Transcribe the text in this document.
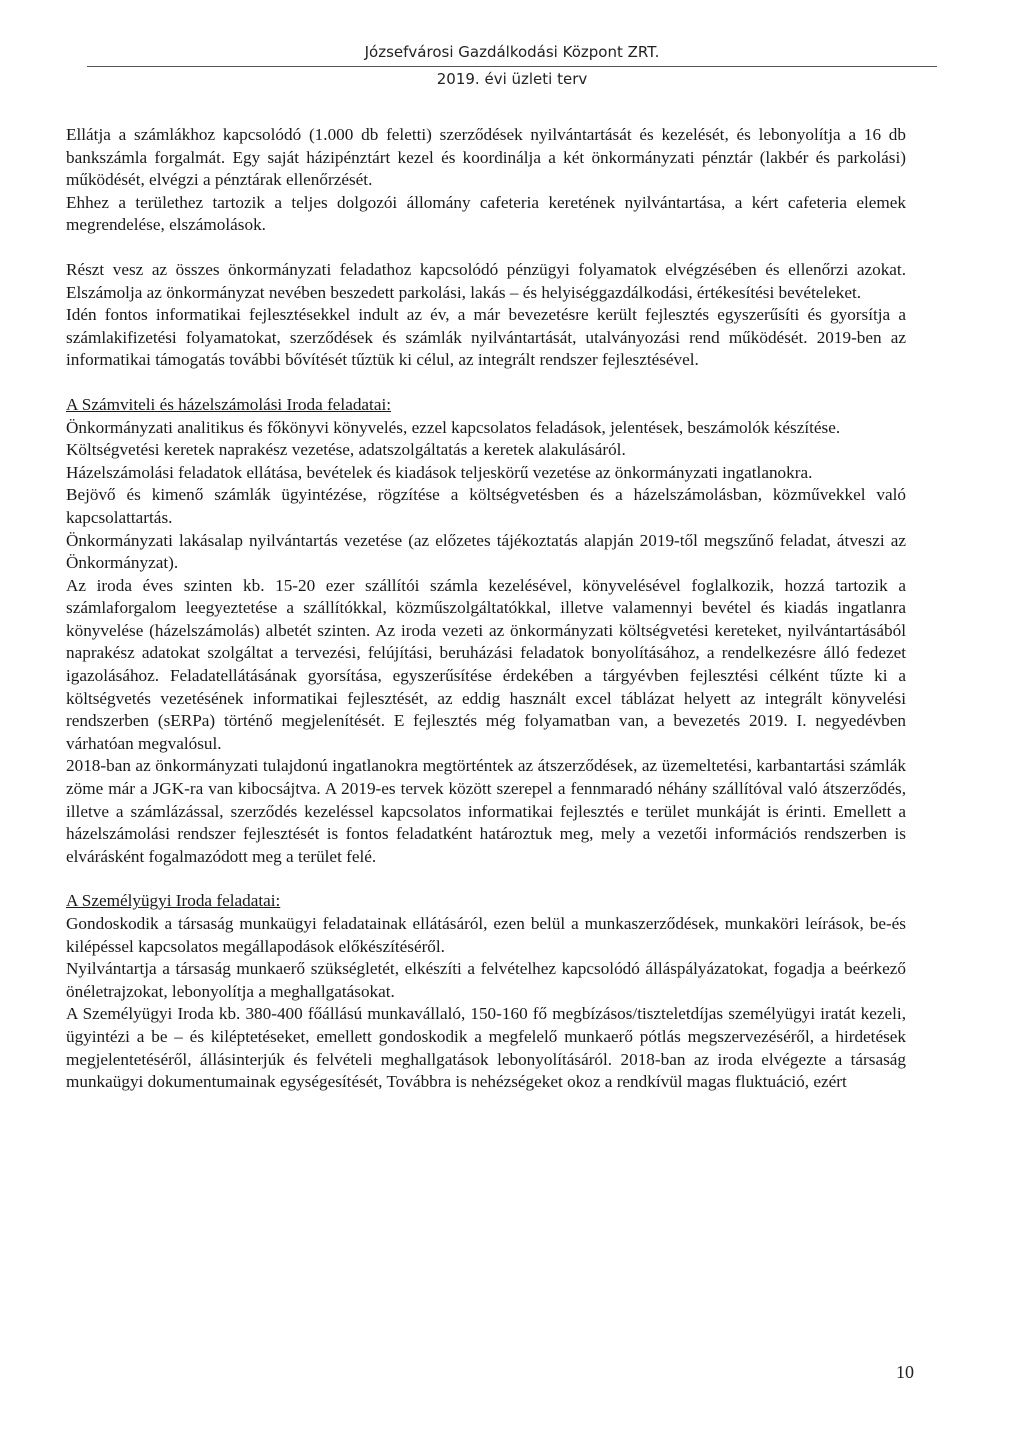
Józsefvárosi Gazdálkodási Központ ZRT.
2019. évi üzleti terv

Ellátja a számlákhoz kapcsolódó (1.000 db feletti) szerződések nyilvántartását és kezelését, és lebonyolítja a 16 db bankszámla forgalmát. Egy saját házipénztárt kezel és koordinálja a két önkormányzati pénztár (lakbér és parkolási) működését, elvégzi a pénztárak ellenőrzését.

Ehhez a területhez tartozik a teljes dolgozói állomány cafeteria keretének nyilvántartása, a kért cafeteria elemek megrendelése, elszámolások.

Részt vesz az összes önkormányzati feladathoz kapcsolódó pénzügyi folyamatok elvégzésében és ellenőrzi azokat. Elszámolja az önkormányzat nevében beszedett parkolási, lakás – és helyiséggazdálkodási, értékesítési bevételeket.

Idén fontos informatikai fejlesztésekkel indult az év, a már bevezetésre került fejlesztés egyszerűsíti és gyorsítja a számlakifizetési folyamatokat, szerződések és számlák nyilvántartását, utalványozási rend működését. 2019-ben az informatikai támogatás további bővítését tűztük ki célul, az integrált rendszer fejlesztésével.

A Számviteli és házelszámolási Iroda feladatai:

Önkormányzati analitikus és főkönyvi könyvelés, ezzel kapcsolatos feladások, jelentések, beszámolók készítése.

Költségvetési keretek naprakész vezetése, adatszolgáltatás a keretek alakulásáról.

Házelszámolási feladatok ellátása, bevételek és kiadások teljeskörű vezetése az önkormányzati ingatlanokra.

Bejövő és kimenő számlák ügyintézése, rögzítése a költségvetésben és a házelszámolásban, közművekkel való kapcsolattartás.

Önkormányzati lakásalap nyilvántartás vezetése (az előzetes tájékoztatás alapján 2019-től megszűnő feladat, átveszi az Önkormányzat).

Az iroda éves szinten kb. 15-20 ezer szállítói számla kezelésével, könyvelésével foglalkozik, hozzá tartozik a számlaforgalom leegyeztetése a szállítókkal, közműszolgáltatókkal, illetve valamennyi bevétel és kiadás ingatlanra könyvelése (házelszámolás) albetét szinten. Az iroda vezeti az önkormányzati költségvetési kereteket, nyilvántartásából naprakész adatokat szolgáltat a tervezési, felújítási, beruházási feladatok bonyolításához, a rendelkezésre álló fedezet igazolásához. Feladatellátásának gyorsítása, egyszerűsítése érdekében a tárgyévben fejlesztési célként tűzte ki a költségvetés vezetésének informatikai fejlesztését, az eddig használt excel táblázat helyett az integrált könyvelési rendszerben (sERPa) történő megjelenítését. E fejlesztés még folyamatban van, a bevezetés 2019. I. negyedévben várhatóan megvalósul.

2018-ban az önkormányzati tulajdonú ingatlanokra megtörténtek az átszerződések, az üzemeltetési, karbantartási számlák zöme már a JGK-ra van kibocsájtva. A 2019-es tervek között szerepel a fennmaradó néhány szállítóval való átszerződés, illetve a számlázással, szerződés kezeléssel kapcsolatos informatikai fejlesztés e terület munkáját is érinti. Emellett a házelszámolási rendszer fejlesztését is fontos feladatként határoztuk meg, mely a vezetői információs rendszerben is elvárásként fogalmazódott meg a terület felé.

A Személyügyi Iroda feladatai:

Gondoskodik a társaság munkaügyi feladatainak ellátásáról, ezen belül a munkaszerződések, munkaköri leírások, be-és kilépéssel kapcsolatos megállapodások előkészítéséről.

Nyilvántartja a társaság munkaerő szükségletét, elkészíti a felvételhez kapcsolódó álláspályázatokat, fogadja a beérkező önéletrajzokat, lebonyolítja a meghallgatásokat.

A Személyügyi Iroda kb. 380-400 főállású munkavállaló, 150-160 fő megbízásos/tiszteletdíjas személyügyi iratát kezeli, ügyintézi a be – és kiléptetéseket, emellett gondoskodik a megfelelő munkaerő pótlás megszervezéséről, a hirdetések megjelentetéséről, állásinterjúk és felvételi meghallgatások lebonyolításáról. 2018-ban az iroda elvégezte a társaság munkaügyi dokumentumainak egységesítését, Továbbra is nehézségeket okoz a rendkívül magas fluktuáció, ezért

10
